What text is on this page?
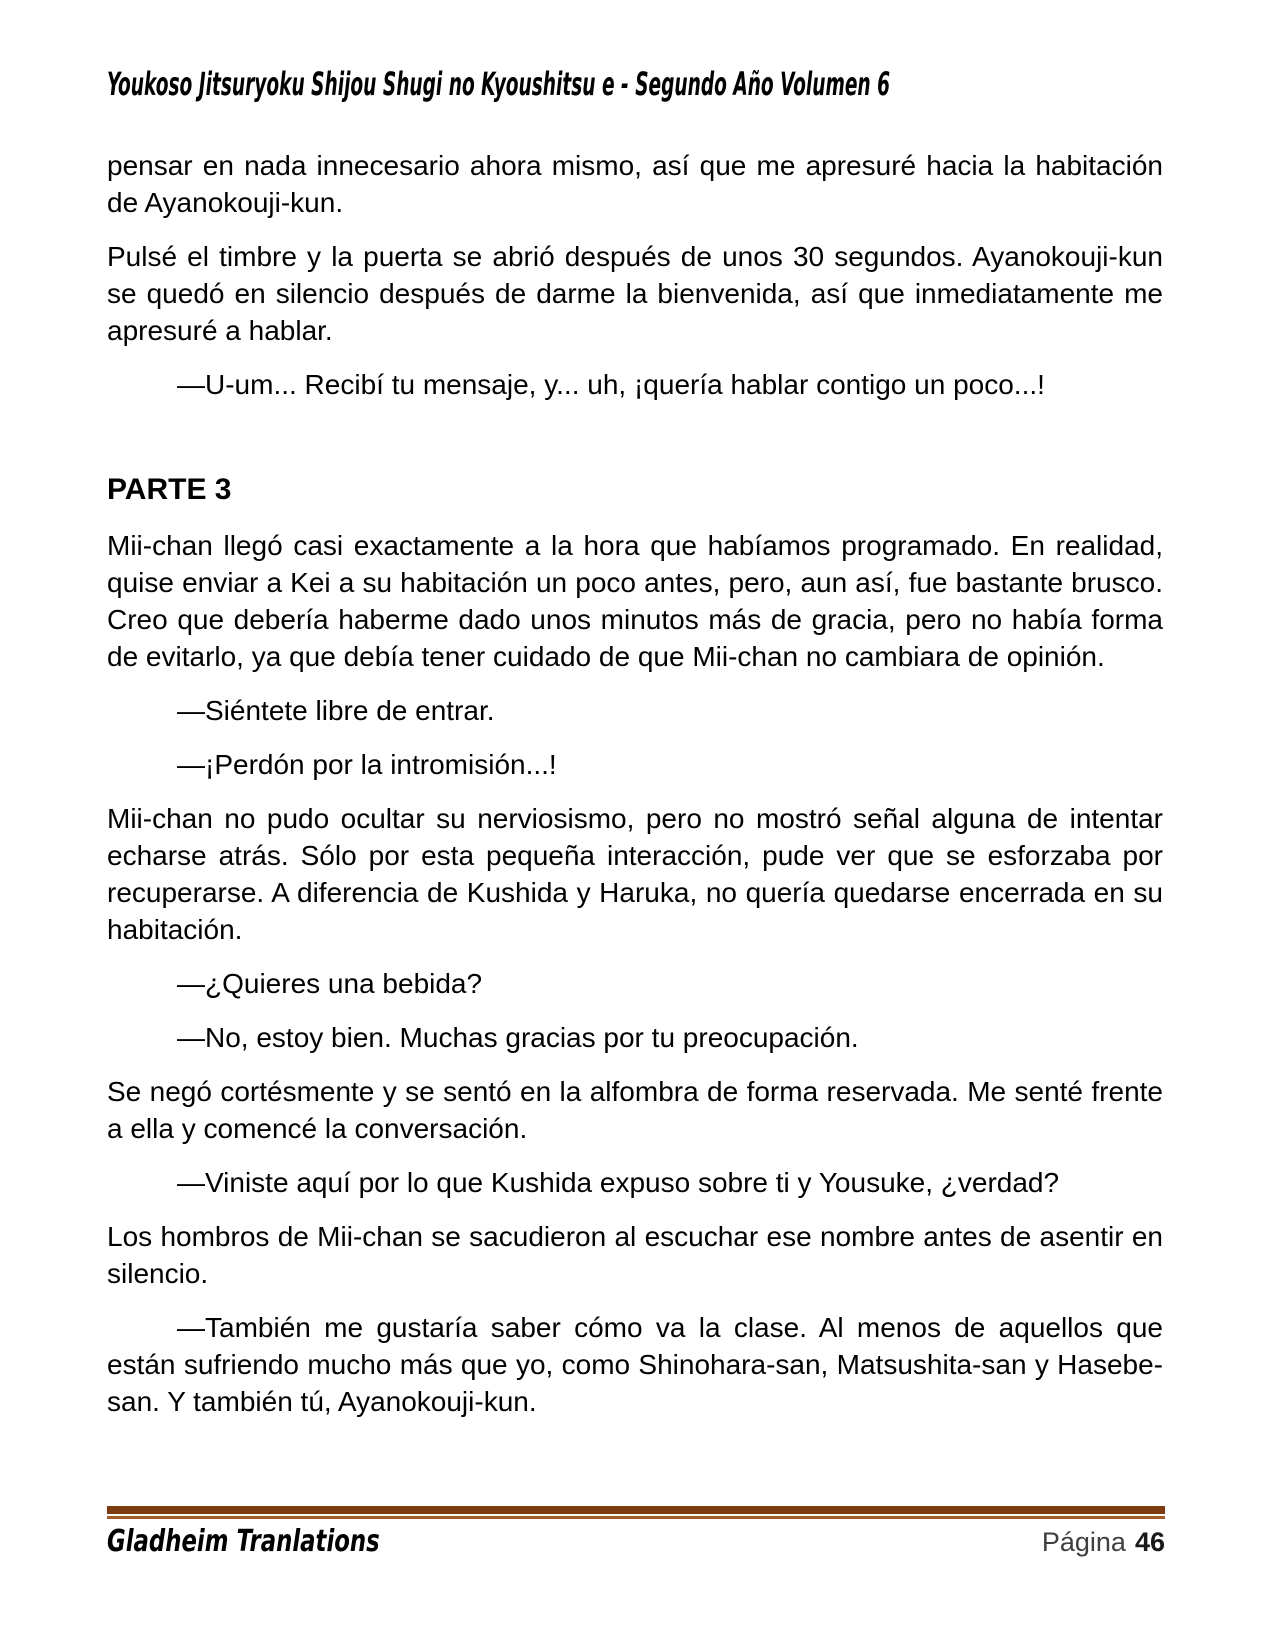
Youkoso Jitsuryoku Shijou Shugi no Kyoushitsu e - Segundo Año Volumen 6

pensar en nada innecesario ahora mismo, así que me apresuré hacia la habitación de Ayanokouji-kun.

Pulsé el timbre y la puerta se abrió después de unos 30 segundos. Ayanokouji-kun se quedó en silencio después de darme la bienvenida, así que inmediatamente me apresuré a hablar.

—U-um... Recibí tu mensaje, y... uh, ¡quería hablar contigo un poco...!

PARTE 3

Mii-chan llegó casi exactamente a la hora que habíamos programado. En realidad, quise enviar a Kei a su habitación un poco antes, pero, aun así, fue bastante brusco. Creo que debería haberme dado unos minutos más de gracia, pero no había forma de evitarlo, ya que debía tener cuidado de que Mii-chan no cambiara de opinión.

—Siéntete libre de entrar.

—¡Perdón por la intromisión...!

Mii-chan no pudo ocultar su nerviosismo, pero no mostró señal alguna de intentar echarse atrás. Sólo por esta pequeña interacción, pude ver que se esforzaba por recuperarse. A diferencia de Kushida y Haruka, no quería quedarse encerrada en su habitación.

—¿Quieres una bebida?

—No, estoy bien. Muchas gracias por tu preocupación.

Se negó cortésmente y se sentó en la alfombra de forma reservada. Me senté frente a ella y comencé la conversación.

—Viniste aquí por lo que Kushida expuso sobre ti y Yousuke, ¿verdad?

Los hombros de Mii-chan se sacudieron al escuchar ese nombre antes de asentir en silencio.

—También me gustaría saber cómo va la clase. Al menos de aquellos que están sufriendo mucho más que yo, como Shinohara-san, Matsushita-san y Hasebe-san. Y también tú, Ayanokouji-kun.

Gladheim Tranlations	Página 46
